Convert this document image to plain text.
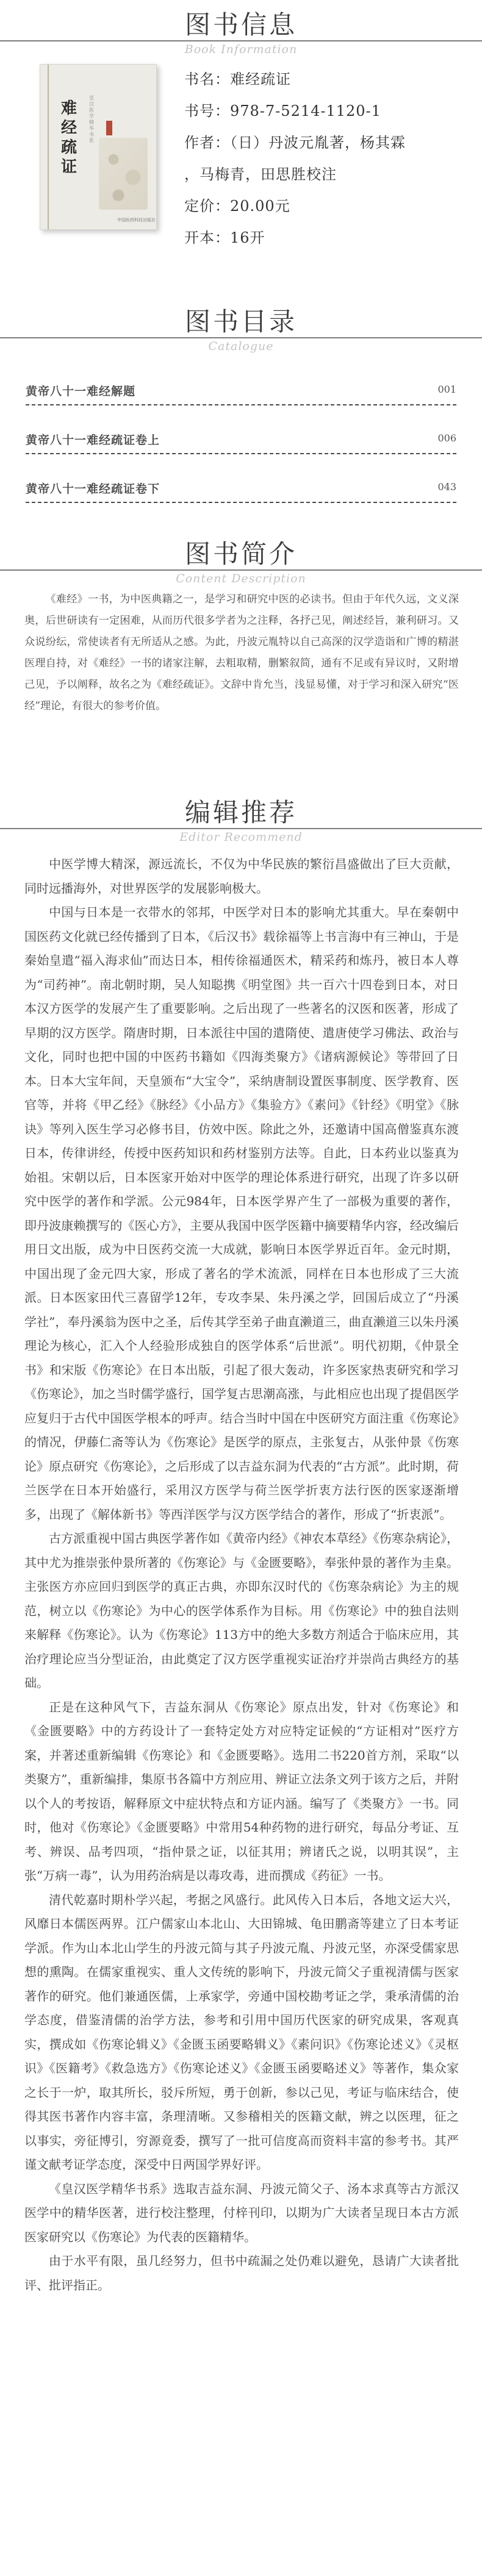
图书信息
Book Information
难经疏证
皇汉医学精华书系
中国医药科技出版社
书名：难经疏证
书号：978-7-5214-1120-1
作者：（日）丹波元胤著，杨其霖
，马梅青，田思胜校注
定价：20.00元
开本：16开
图书目录
Catalogue
黄帝八十一难经解题	001
黄帝八十一难经疏证卷上	006
黄帝八十一难经疏证卷下	043
图书简介
Content Description

《难经》一书，为中医典籍之一，是学习和研究中医的必读书。但由于年代久远，文义深奥，后世研读有一定困难，从而历代很多学者为之注释，各抒己见，阐述经旨，兼利研习。又众说纷纭，常使读者有无所适从之感。为此，丹波元胤特以自己高深的汉学造诣和广博的精湛医理自持，对《难经》一书的诸家注解，去粗取精，删繁叙简，通有不足或有异议时，又附增己见，予以阐释，故名之为《难经疏证》。文辞中肯允当，浅显易懂，对于学习和深入研究“医经”理论，有很大的参考价值。

编辑推荐
Editor Recommend

中医学博大精深，源远流长，不仅为中华民族的繁衍昌盛做出了巨大贡献，同时远播海外，对世界医学的发展影响极大。

中国与日本是一衣带水的邻邦，中医学对日本的影响尤其重大。早在秦朝中国医药文化就已经传播到了日本，《后汉书》载徐福等上书言海中有三神山，于是秦始皇遣“福入海求仙”而达日本，相传徐福通医术，精采药和炼丹，被日本人尊为“司药神”。南北朝时期，吴人知聪携《明堂图》共一百六十四卷到日本，对日本汉方医学的发展产生了重要影响。之后出现了一些著名的汉医和医著，形成了早期的汉方医学。隋唐时期，日本派往中国的遣隋使、遣唐使学习佛法、政治与文化，同时也把中国的中医药书籍如《四海类聚方》《诸病源候论》等带回了日本。日本大宝年间，天皇颁布“大宝令”，采纳唐制设置医事制度、医学教育、医官等，并将《甲乙经》《脉经》《小品方》《集验方》《素问》《针经》《明堂》《脉诀》等列入医生学习必修书目，仿效中医。除此之外，还邀请中国高僧鉴真东渡日本，传律讲经，传授中医药知识和药材鉴别方法等。自此，日本药业以鉴真为始祖。宋朝以后，日本医家开始对中医学的理论体系进行研究，出现了许多以研究中医学的著作和学派。公元984年，日本医学界产生了一部极为重要的著作，即丹波康赖撰写的《医心方》，主要从我国中医学医籍中摘要精华内容，经改编后用日文出版，成为中日医药交流一大成就，影响日本医学界近百年。金元时期，中国出现了金元四大家，形成了著名的学术流派，同样在日本也形成了三大流派。日本医家田代三喜留学12年，专攻李杲、朱丹溪之学，回国后成立了“丹溪学社”，奉丹溪翁为医中之圣，后传其学至弟子曲直濑道三，曲直濑道三以朱丹溪理论为核心，汇入个人经验形成独自的医学体系“后世派”。明代初期，《仲景全书》和宋版《伤寒论》在日本出版，引起了很大轰动，许多医家热衷研究和学习《伤寒论》，加之当时儒学盛行，国学复古思潮高涨，与此相应也出现了提倡医学应复归于古代中国医学根本的呼声。结合当时中国在中医研究方面注重《伤寒论》的情况，伊藤仁斋等认为《伤寒论》是医学的原点，主张复古，从张仲景《伤寒论》原点研究《伤寒论》，之后形成了以吉益东洞为代表的“古方派”。此时期，荷兰医学在日本开始盛行，采用汉方医学与荷兰医学折衷方法行医的医家逐渐增多，出现了《解体新书》等西洋医学与汉方医学结合的著作，形成了“折衷派”。

古方派重视中国古典医学著作如《黄帝内经》《神农本草经》《伤寒杂病论》，其中尤为推崇张仲景所著的《伤寒论》与《金匮要略》，奉张仲景的著作为圭臬。主张医方亦应回归到医学的真正古典，亦即东汉时代的《伤寒杂病论》为主的规范，树立以《伤寒论》为中心的医学体系作为目标。用《伤寒论》中的独自法则来解释《伤寒论》。认为《伤寒论》113方中的绝大多数方剂适合于临床应用，其治疗理论应当分型证治，由此奠定了汉方医学重视实证治疗并崇尚古典经方的基础。

正是在这种风气下，吉益东洞从《伤寒论》原点出发，针对《伤寒论》和《金匮要略》中的方药设计了一套特定处方对应特定证候的“方证相对”医疗方案，并著述重新编辑《伤寒论》和《金匮要略》。选用二书220首方剂，采取“以类聚方”，重新编排，集原书各篇中方剂应用、辨证立法条文列于该方之后，并附以个人的考按语，解释原文中症状特点和方证内涵。编写了《类聚方》一书。同时，他对《伤寒论》《金匮要略》中常用54种药物的进行研究，每品分考证、互考、辨误、品考四项，“指仲景之证，以征其用；辨诸氏之说，以明其误”，主张“万病一毒”，认为用药治病是以毒攻毒，进而撰成《药征》一书。

清代乾嘉时期朴学兴起，考据之风盛行。此风传入日本后，各地文运大兴，风靡日本儒医两界。江户儒家山本北山、大田锦城、龟田鹏斋等建立了日本考证学派。作为山本北山学生的丹波元简与其子丹波元胤、丹波元坚，亦深受儒家思想的熏陶。在儒家重视实、重人文传统的影响下，丹波元简父子重视清儒与医家著作的研究。他们兼通医儒，上承家学，旁通中国校勘考证之学，秉承清儒的治学态度，借鉴清儒的治学方法，参考和引用中国历代医家的研究成果，客观真实，撰成如《伤寒论辑义》《金匮玉函要略辑义》《素问识》《伤寒论述义》《灵枢识》《医籍考》《救急选方》《伤寒论述义》《金匮玉函要略述义》等著作，集众家之长于一炉，取其所长，驳斥所短，勇于创新，参以己见，考证与临床结合，使得其医书著作内容丰富，条理清晰。又参稽相关的医籍文献，辨之以医理，征之以事实，旁征博引，穷源竟委，撰写了一批可信度高而资料丰富的参考书。其严谨文献考证学态度，深受中日两国学界好评。

《皇汉医学精华书系》选取吉益东洞、丹波元简父子、汤本求真等古方派汉医学中的精华医著，进行校注整理，付梓刊印，以期为广大读者呈现日本古方派医家研究以《伤寒论》为代表的医籍精华。

由于水平有限，虽几经努力，但书中疏漏之处仍难以避免，恳请广大读者批评、批评指正。
